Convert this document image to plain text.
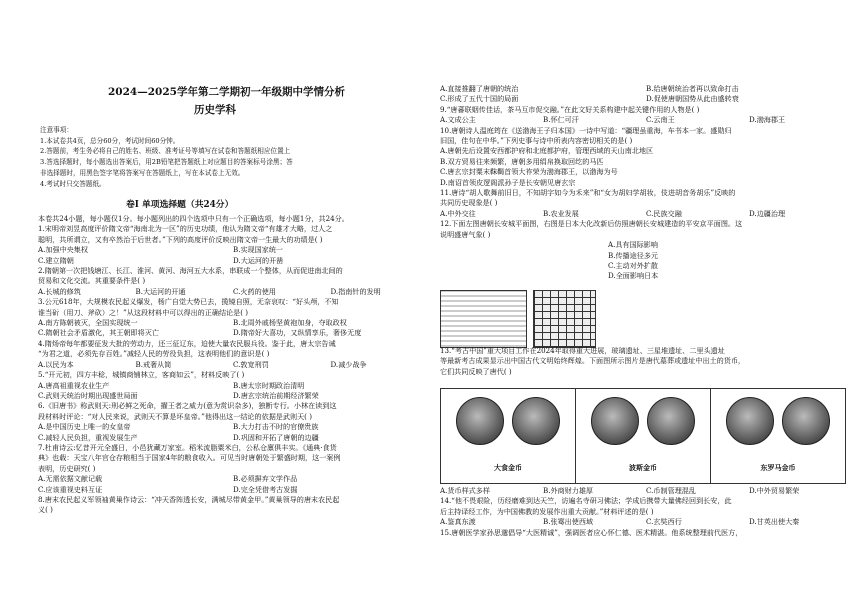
2024—2025学年第二学期初一年级期中学情分析
历史学科
注意事项：
1.本试卷共4页，总分60分，考试时间60分钟。
2.答题前，考生务必将自己的姓名、班级、准考证号等填写在试卷和答题纸相应位置上
3.答选择题时，每小题选出答案后，用2B铅笔把答题纸上对应题目的答案标号涂黑；答
非选择题时，用黑色签字笔将答案写在答题纸上，写在本试卷上无效。
4.考试时只交答题纸。
卷Ⅰ 单项选择题（共24分）
本卷共24小题，每小题仅1分。每小题列出的四个选项中只有一个正确选项，每小题1分，共24分。
1.宋明帝刘昱高度评价隋文帝“海南北为一区”的历史功绩，他认为隋文帝“有雄才大略，过人之
聪明，共所谓立，又有卒然治于后世者。”下列的高度评价反映出隋文帝一生最大的功绩是( )
A.加强中央集权	B.实现国家统一
C.建立隋朝	D.大运河的开凿
2.隋朝第一次把钱塘江、长江、淮河、黄河、海河五大水系，串联成一个整体，从而促进南北间的
贸易和文化交流。其重要条件是( )
A.长城的修筑	B.大运河的开通	C.火药的使用	D.指南针的发明
3.公元618年，大规模农民起义爆发，杨广自觉大势已去，揽镜自照，无奈哀叹：“好头颅，不知
谁当斫（用刀、斧砍）之！”从这段材料中可以得出的正确结论是( )
A.南方陈朝被灭，全国实现统一	B.北周外戚杨坚黄袍加身，夺取政权
C.隋朝社会矛盾激化，其王朝即将灭亡	D.隋帝好大喜功，又纵情享乐，奢侈无度
4.隋炀帝每年都要征发大批的劳动力，还三征辽东，迫使大量农民服兵役。鉴于此，唐太宗告诫
“为君之道，必须先存百姓。”减轻人民的劳役负担，这表明他们的意识是( )
A.以民为本	B.戒奢从简	C.敦宽刑罚	D.减少战争
5.“开元初，四方丰稔，城镇商铺林立，客商如云”，材料反映了( )
A.唐高祖重视农业生产	B.唐太宗时期政治清明
C.武则天统治时期出现盛世局面	D.唐玄宗统治前期经济繁荣
6.《旧唐书》称武则天:刑必鲜之死命，擢王者之威力(意为赏识杂多)，独断专行。小林在读到这
段材料时评论：“对人民来说，武则天不算是坏皇帝。”他得出这一结论的依据是武则天( )
A.是中国历史上唯一的女皇帝	B.大力打击不时的官僚贵族
C.减轻人民负担，重视发展生产	D.巩固和开拓了唐朝的边疆
7.杜甫诗云:忆昔开元全盛日，小邑犹藏万家室。稻米流脂粟米白，公私仓廪俱丰实。《通典·食货
典》也载：天宝八年官仓存粮相当于国家4年的粮食收入。可见当时唐朝处于繁盛时期，这一案例
表明，历史研究( )
A.无需依据文献记载	B.必须摒弃文学作品
C.应该重视史料互证	D.完全凭借考古发掘
8.唐末农民起义军领袖黄巢作诗云：“冲天香阵透长安，满城尽带黄金甲。”黄巢领导的唐末农民起
义( )
A.直接推翻了唐朝的统治	B.给唐朝统治者再以致命打击
C.形成了五代十国的局面	D.促使唐朝国势从此由盛转衰
9.“唐蕃联姻传佳话，茶马互市促交融。”在此文好关系构建中起关键作用的人物是( )
A.文成公主	B.怀仁可汗	C.云南王	D.渤海郡王
10.唐朝诗人温庭筠在《送渤海王子归本国》一诗中写道：“疆理虽重海，车书本一家。盛勋归
旧国，佳句在中华。”下列史事与诗中所表内容密切相关的是( )
A.唐朝先后设置安西都护府和北庭都护府，管理西域的天山南北地区
B.双方贸易往来频繁，唐朝多用绢帛换取回纥的马匹
C.唐玄宗封粟末靺鞨首领大祚荣为渤海郡王，以渤海为号
D.南诏首领皮逻阁派孙子是长安朝见唐玄宗
11.唐诗“胡人歌舞前旧日，不知胡字如今为禾来”和“女为胡妇学胡妆，伎进胡音务胡乐”反映的
共同历史现象是( )
A.中外交往	B.农业发展	C.民族交融	D.边疆治理
12.下面左图唐朝长安城平面图，右图是日本大化改新后仿照唐朝长安城建造的平安京平面图。这
说明盛唐气象( )
A.具有国际影响
B.传播途径多元
C.主动对外扩散
D.全面影响日本
13.“考古中国”重大项目工作在2024年取得重大进展，玻璃遗址、三星堆遗址、二里头遗址
等最新考古成果显示出中国古代文明始终辉煌。下面图所示图片是唐代墓葬或遗址中出土的货币，
它们共同反映了唐代( )
大食金币	波斯金币	东罗马金币
A.货币样式多样	B.外商财力雄厚	C.币制管理混乱	D.中外贸易繁荣
14.“他不畏艰险，历经磨难到达天竺，访遍名寺研习佛法；学成后携带大量佛经回到长安，此
后主持译经工作，为中国佛教的发展作出重大贡献。”材料评述的是( )
A.鉴真东渡	B.张骞出使西域	C.玄奘西行	D.甘英出使大秦
15.唐朝医学家孙思邈倡导“大医精诚”，强调医者应心怀仁德、医术精湛。他系统整理前代医方，
